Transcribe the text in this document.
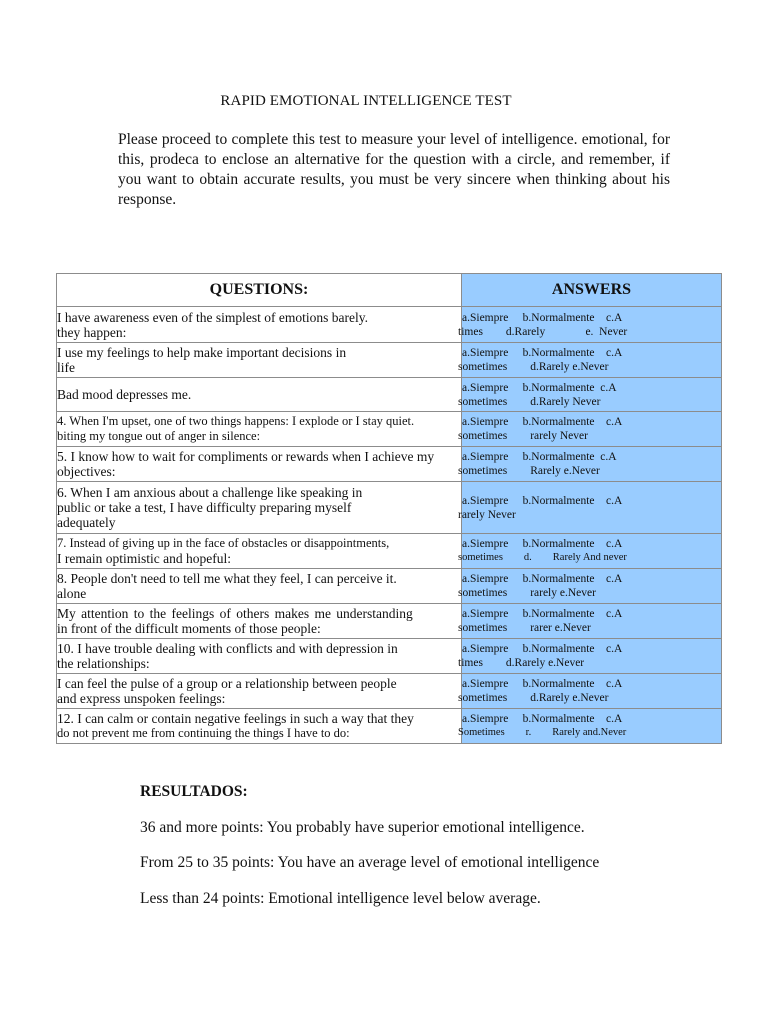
RAPID EMOTIONAL INTELLIGENCE TEST
Please proceed to complete this test to measure your level of intelligence. emotional, for this, prodeca to enclose an alternative for the question with a circle, and remember, if you want to obtain accurate results, you must be very sincere when thinking about his response.
QUESTIONS:	ANSWERS

I have awareness even of the simplest of emotions barely.
they happen:	a.Siempre     b.Normalmente    c.A
times        d.Rarely              e.  Never

I use my feelings to help make important decisions in
life	a.Siempre     b.Normalmente    c.A
sometimes        d.Rarely e.Never

Bad mood depresses me.	a.Siempre     b.Normalmente  c.A
sometimes        d.Rarely Never

4. When I'm upset, one of two things happens: I explode or I stay quiet.
biting my tongue out of anger in silence:	a.Siempre     b.Normalmente    c.A
sometimes        rarely Never

5. I know how to wait for compliments or rewards when I achieve my
objectives:	a.Siempre     b.Normalmente  c.A
sometimes        Rarely e.Never

6. When I am anxious about a challenge like speaking in
public or take a test, I have difficulty preparing myself
adequately	a.Siempre     b.Normalmente    c.A
rarely Never

7. Instead of giving up in the face of obstacles or disappointments,
I remain optimistic and hopeful:	a.Siempre     b.Normalmente    c.A
sometimes        d.        Rarely And never

8. People don't need to tell me what they feel, I can perceive it.
alone	a.Siempre     b.Normalmente    c.A
sometimes        rarely e.Never

My attention to the feelings of others makes me understanding
in front of the difficult moments of those people:	a.Siempre     b.Normalmente    c.A
sometimes        rarer e.Never

10. I have trouble dealing with conflicts and with depression in
the relationships:	a.Siempre     b.Normalmente    c.A
times        d.Rarely e.Never

I can feel the pulse of a group or a relationship between people
and express unspoken feelings:	a.Siempre     b.Normalmente    c.A
sometimes        d.Rarely e.Never

12. I can calm or contain negative feelings in such a way that they
do not prevent me from continuing the things I have to do:	a.Siempre     b.Normalmente    c.A
Sometimes        r.        Rarely and.Never
RESULTADOS:
36 and more points: You probably have superior emotional intelligence.
From 25 to 35 points: You have an average level of emotional intelligence
Less than 24 points: Emotional intelligence level below average.
